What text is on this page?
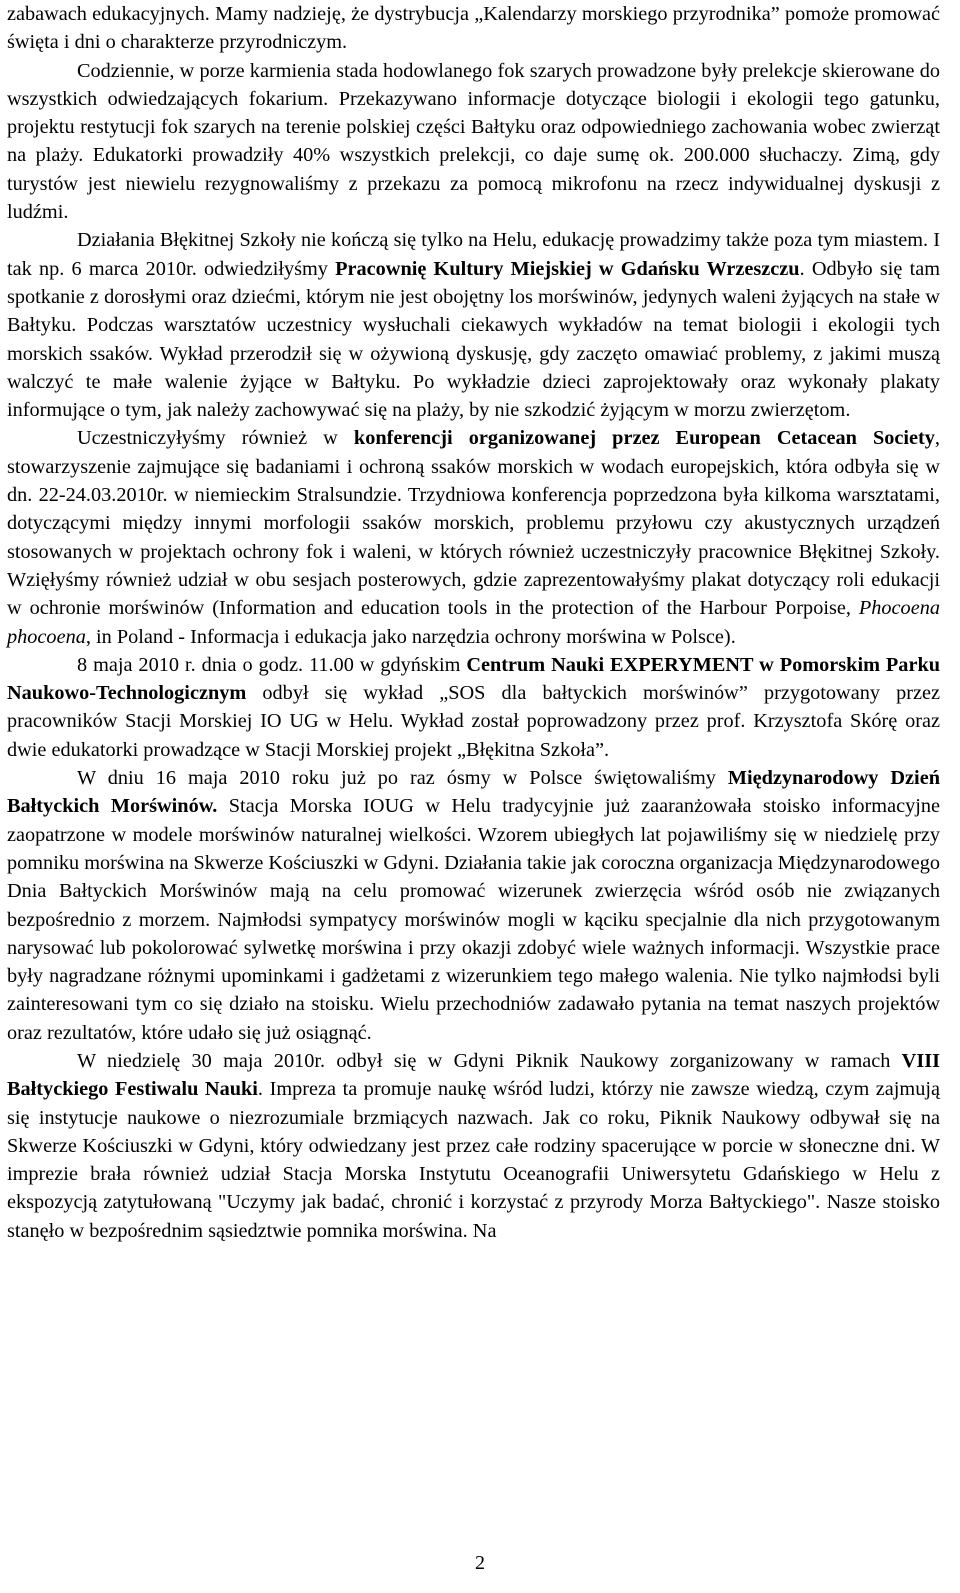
zabawach edukacyjnych. Mamy nadzieję, że dystrybucja „Kalendarzy morskiego przyrodnika” pomoże promować święta i dni o charakterze przyrodniczym.

Codziennie, w porze karmienia stada hodowlanego fok szarych prowadzone były prelekcje skierowane do wszystkich odwiedzających fokarium. Przekazywano informacje dotyczące biologii i ekologii tego gatunku, projektu restytucji fok szarych na terenie polskiej części Bałtyku oraz odpowiedniego zachowania wobec zwierząt na plaży. Edukatorki prowadziły 40% wszystkich prelekcji, co daje sumę ok. 200.000 słuchaczy. Zimą, gdy turystów jest niewielu rezygnowaliśmy z przekazu za pomocą mikrofonu na rzecz indywidualnej dyskusji z ludźmi.

Działania Błękitnej Szkoły nie kończą się tylko na Helu, edukację prowadzimy także poza tym miastem. I tak np. 6 marca 2010r. odwiedziłyśmy Pracownię Kultury Miejskiej w Gdańsku Wrzeszczu. Odbyło się tam spotkanie z dorosłymi oraz dziećmi, którym nie jest obojętny los morświnów, jedynych waleni żyjących na stałe w Bałtyku. Podczas warsztatów uczestnicy wysłuchali ciekawych wykładów na temat biologii i ekologii tych morskich ssaków. Wykład przerodził się w ożywioną dyskusję, gdy zaczęto omawiać problemy, z jakimi muszą walczyć te małe walenie żyjące w Bałtyku. Po wykładzie dzieci zaprojektowały oraz wykonały plakaty informujące o tym, jak należy zachowywać się na plaży, by nie szkodzić żyjącym w morzu zwierzętom.

Uczestniczyłyśmy również w konferencji organizowanej przez European Cetacean Society, stowarzyszenie zajmujące się badaniami i ochroną ssaków morskich w wodach europejskich, która odbyła się w dn. 22-24.03.2010r. w niemieckim Stralsundzie. Trzydniowa konferencja poprzedzona była kilkoma warsztatami, dotyczącymi między innymi morfologii ssaków morskich, problemu przyłowu czy akustycznych urządzeń stosowanych w projektach ochrony fok i waleni, w których również uczestniczyły pracownice Błękitnej Szkoły. Wzięłyśmy również udział w obu sesjach posterowych, gdzie zaprezentowałyśmy plakat dotyczący roli edukacji w ochronie morświnów (Information and education tools in the protection of the Harbour Porpoise, Phocoena phocoena, in Poland - Informacja i edukacja jako narzędzia ochrony morświna w Polsce).

8 maja 2010 r. dnia o godz. 11.00 w gdyńskim Centrum Nauki EXPERYMENT w Pomorskim Parku Naukowo-Technologicznym odbył się wykład „SOS dla bałtyckich morświnów” przygotowany przez pracowników Stacji Morskiej IO UG w Helu. Wykład został poprowadzony przez prof. Krzysztofa Skórę oraz dwie edukatorki prowadzące w Stacji Morskiej projekt „Błękitna Szkoła”.

W dniu 16 maja 2010 roku już po raz ósmy w Polsce świętowaliśmy Międzynarodowy Dzień Bałtyckich Morświnów. Stacja Morska IOUG w Helu tradycyjnie już zaaranżowała stoisko informacyjne zaopatrzone w modele morświnów naturalnej wielkości. Wzorem ubiegłych lat pojawiliśmy się w niedzielę przy pomniku morświna na Skwerze Kościuszki w Gdyni. Działania takie jak coroczna organizacja Międzynarodowego Dnia Bałtyckich Morświnów mają na celu promować wizerunek zwierzęcia wśród osób nie związanych bezpośrednio z morzem. Najmłodsi sympatycy morświnów mogli w kąciku specjalnie dla nich przygotowanym narysować lub pokolorować sylwetkę morświna i przy okazji zdobyć wiele ważnych informacji. Wszystkie prace były nagradzane różnymi upominkami i gadżetami z wizerunkiem tego małego walenia. Nie tylko najmłodsi byli zainteresowani tym co się działo na stoisku. Wielu przechodniów zadawało pytania na temat naszych projektów oraz rezultatów, które udało się już osiągnąć.

W niedzielę 30 maja 2010r. odbył się w Gdyni Piknik Naukowy zorganizowany w ramach VIII Bałtyckiego Festiwalu Nauki. Impreza ta promuje naukę wśród ludzi, którzy nie zawsze wiedzą, czym zajmują się instytucje naukowe o niezrozumiale brzmiących nazwach. Jak co roku, Piknik Naukowy odbywał się na Skwerze Kościuszki w Gdyni, który odwiedzany jest przez całe rodziny spacerujące w porcie w słoneczne dni. W imprezie brała również udział Stacja Morska Instytutu Oceanografii Uniwersytetu Gdańskiego w Helu z ekspozycją zatytułowaną "Uczymy jak badać, chronić i korzystać z przyrody Morza Bałtyckiego". Nasze stoisko stanęło w bezpośrednim sąsiedztwie pomnika morświna. Na

2
